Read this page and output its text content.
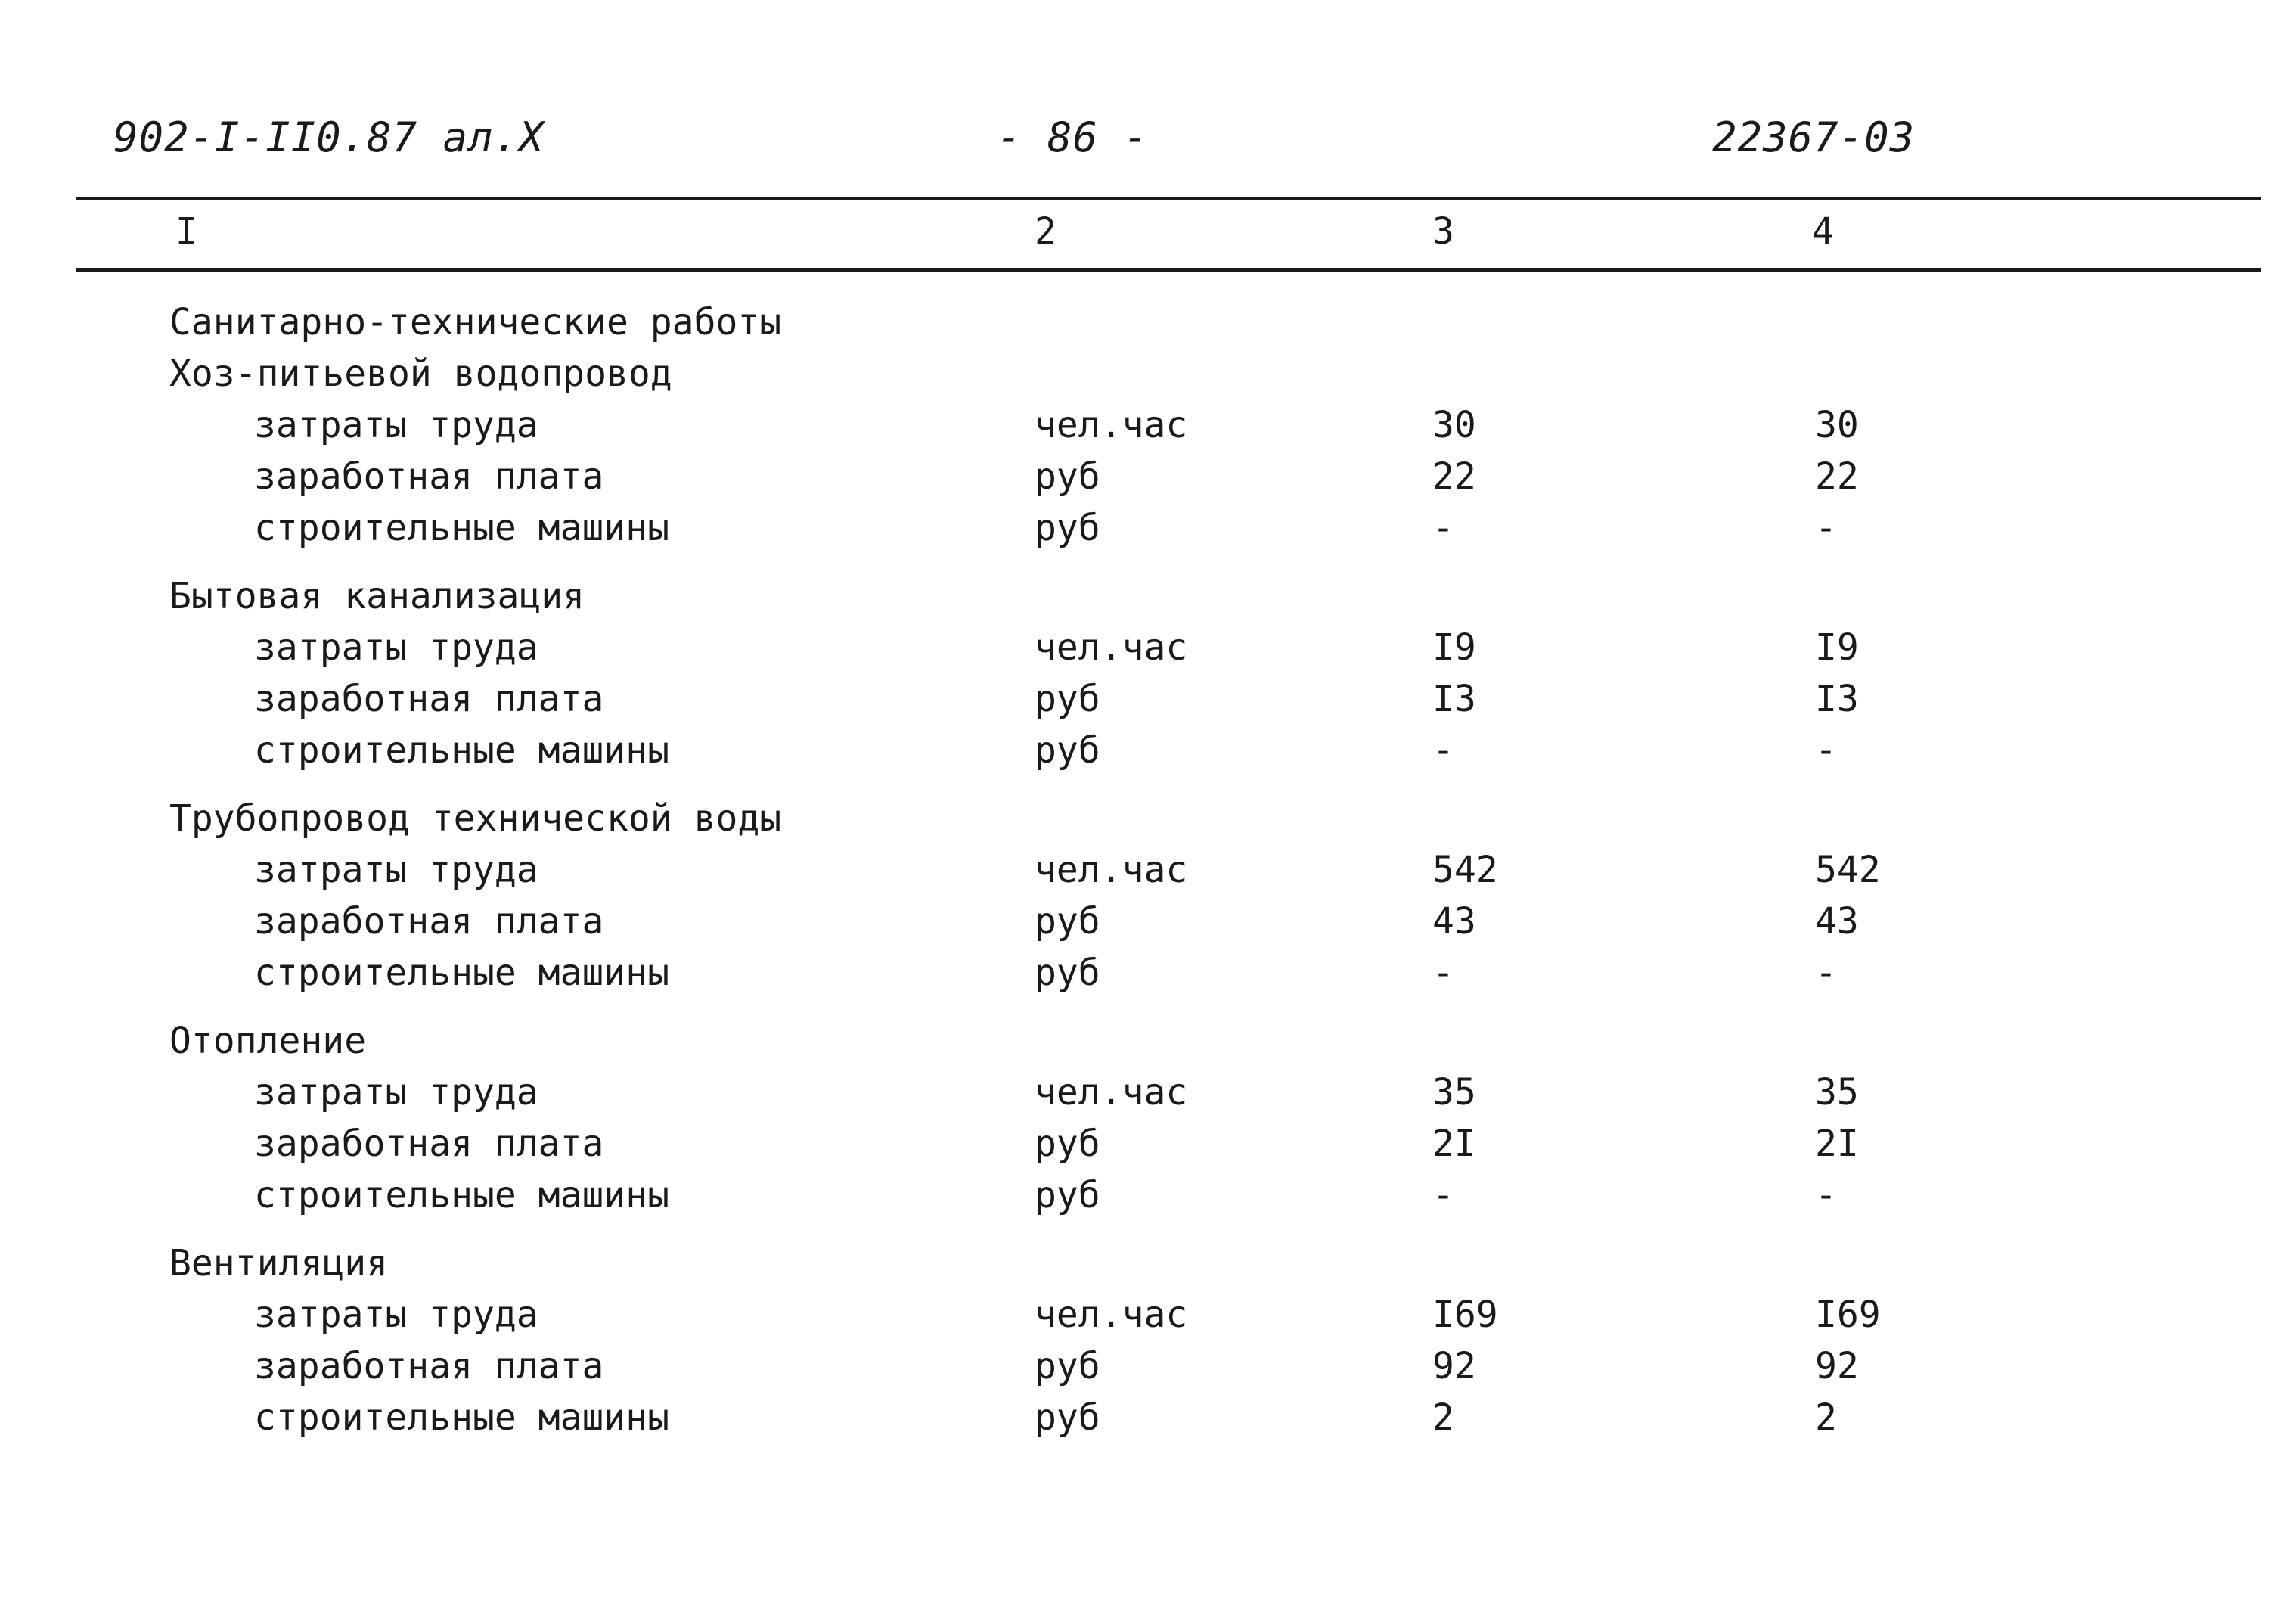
902-I-II0.87 ал.Х	- 86 -	22367-03
I	2	3	4
Санитарно-технические работы
Хоз-питьевой водопровод
затраты труда	чел.час	30	30
заработная плата	руб	22	22
строительные машины	руб	-	-
Бытовая канализация
затраты труда	чел.час	I9	I9
заработная плата	руб	I3	I3
строительные машины	руб	-	-
Трубопровод технической воды
затраты труда	чел.час	542	542
заработная плата	руб	43	43
строительные машины	руб	-	-
Отопление
затраты труда	чел.час	35	35
заработная плата	руб	2I	2I
строительные машины	руб	-	-
Вентиляция
затраты труда	чел.час	I69	I69
заработная плата	руб	92	92
строительные машины	руб	2	2
